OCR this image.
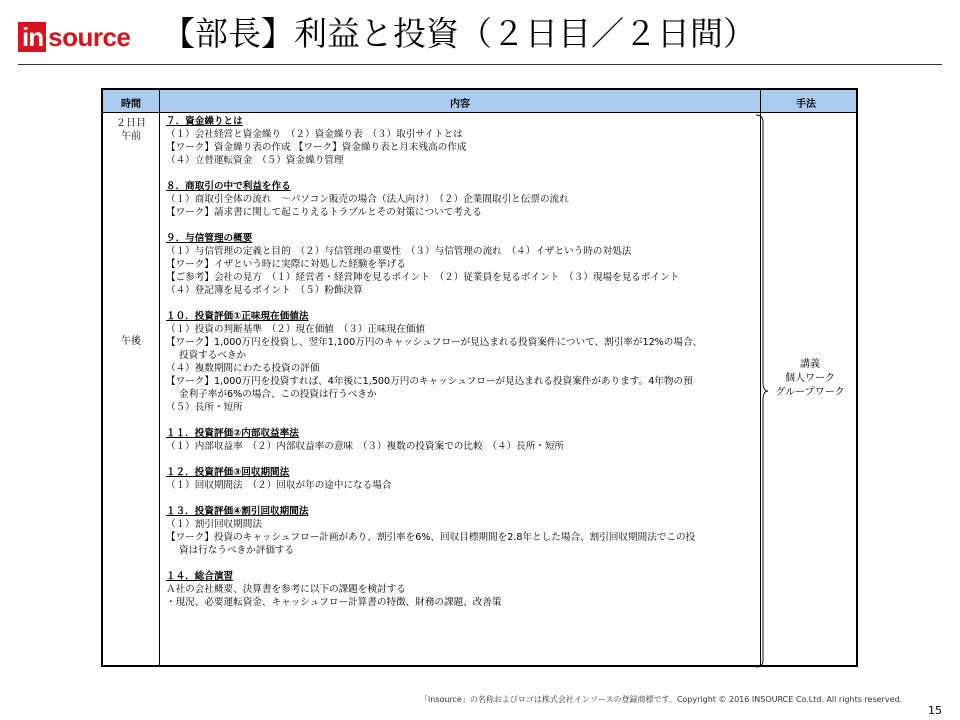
in source 【部長】利益と投資（２日目／２日間）
時間	内容	手法
２日目
午前
午後
７．資金繰りとは
（１）会社経営と資金繰り　（２）資金繰り表　（３）取引サイトとは
【ワーク】資金繰り表の作成 【ワーク】資金繰り表と月末残高の作成
（４）立替運転資金　（５）資金繰り管理
８．商取引の中で利益を作る
（１）商取引全体の流れ　～パソコン販売の場合（法人向け）　（２）企業間取引と伝票の流れ
【ワーク】請求書に関して起こりえるトラブルとその対策について考える
９．与信管理の概要
（１）与信管理の定義と目的　（２）与信管理の重要性　（３）与信管理の流れ　（４）イザという時の対処法
【ワーク】イザという時に実際に対処した経験を挙げる
【ご参考】会社の見方　（１）経営者・経営陣を見るポイント　（２）従業員を見るポイント　（３）現場を見るポイント
（４）登記簿を見るポイント　（５）粉飾決算
１０．投資評価①正味現在価値法
（１）投資の判断基準　（２）現在価値　（３）正味現在価値
【ワーク】1,000万円を投資し、翌年1,100万円のキャッシュフローが見込まれる投資案件について、割引率が12%の場合、
投資するべきか
（４）複数期間にわたる投資の評価
【ワーク】1,000万円を投資すれば、4年後に1,500万円のキャッシュフローが見込まれる投資案件があります。4年物の預
金利子率が6%の場合、この投資は行うべきか
（５）長所・短所
１１．投資評価②内部収益率法
（１）内部収益率　（２）内部収益率の意味　（３）複数の投資案での比較　（４）長所・短所
１２．投資評価③回収期間法
（１）回収期間法　（２）回収が年の途中になる場合
１３．投資評価④割引回収期間法
（１）割引回収期間法
【ワーク】投資のキャッシュフロー計画があり、割引率を6%、回収目標期間を2.8年とした場合、割引回収期間法でこの投
資は行なうべきか評価する
１４．総合演習
Ａ社の会社概要、決算書を参考に以下の課題を検討する
・現況、必要運転資金、キャッシュフロー計算書の特徴、財務の課題、改善策
講義
個人ワーク
グループワーク
「insource」の名称およびロゴは株式会社インソースの登録商標です。Copyright © 2016 INSOURCE Co.Ltd. All rights reserved.
15
